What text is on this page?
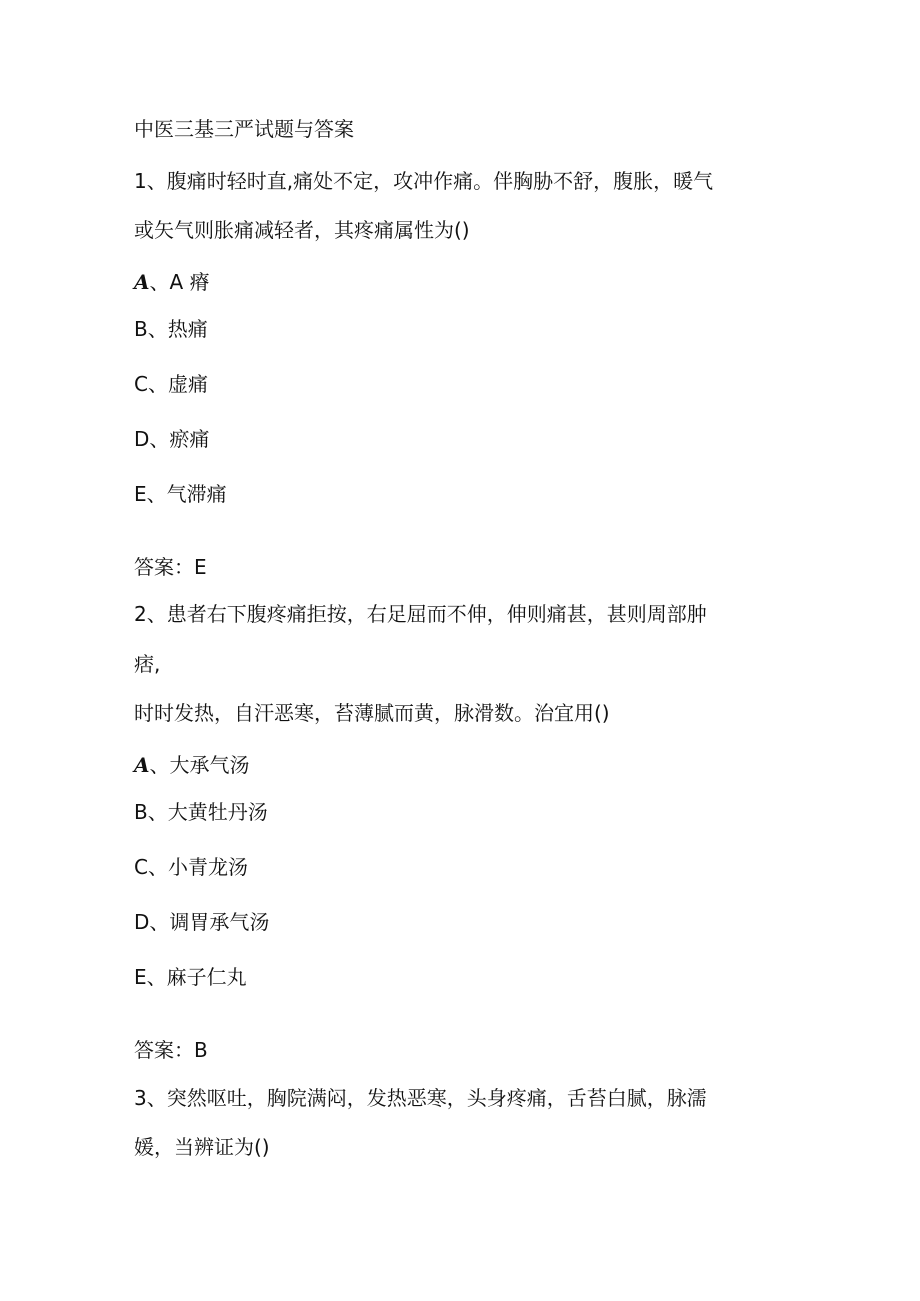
中医三基三严试题与答案
1、腹痛时轻时直,痛处不定，攻冲作痛。伴胸胁不舒，腹胀，暖气
或矢气则胀痛减轻者，其疼痛属性为()
A、A 瘠
B、热痛
C、虚痛
D、瘀痛
E、气滞痛
答案：E
2、患者右下腹疼痛拒按，右足屈而不伸，伸则痛甚，甚则周部肿
痞,
时时发热，自汗恶寒，苔薄腻而黄，脉滑数。治宜用()
A、大承气汤
B、大黄牡丹汤
C、小青龙汤
D、调胃承气汤
E、麻子仁丸
答案：B
3、突然呕吐，胸院满闷，发热恶寒，头身疼痛，舌苔白腻，脉濡
媛，当辨证为()
